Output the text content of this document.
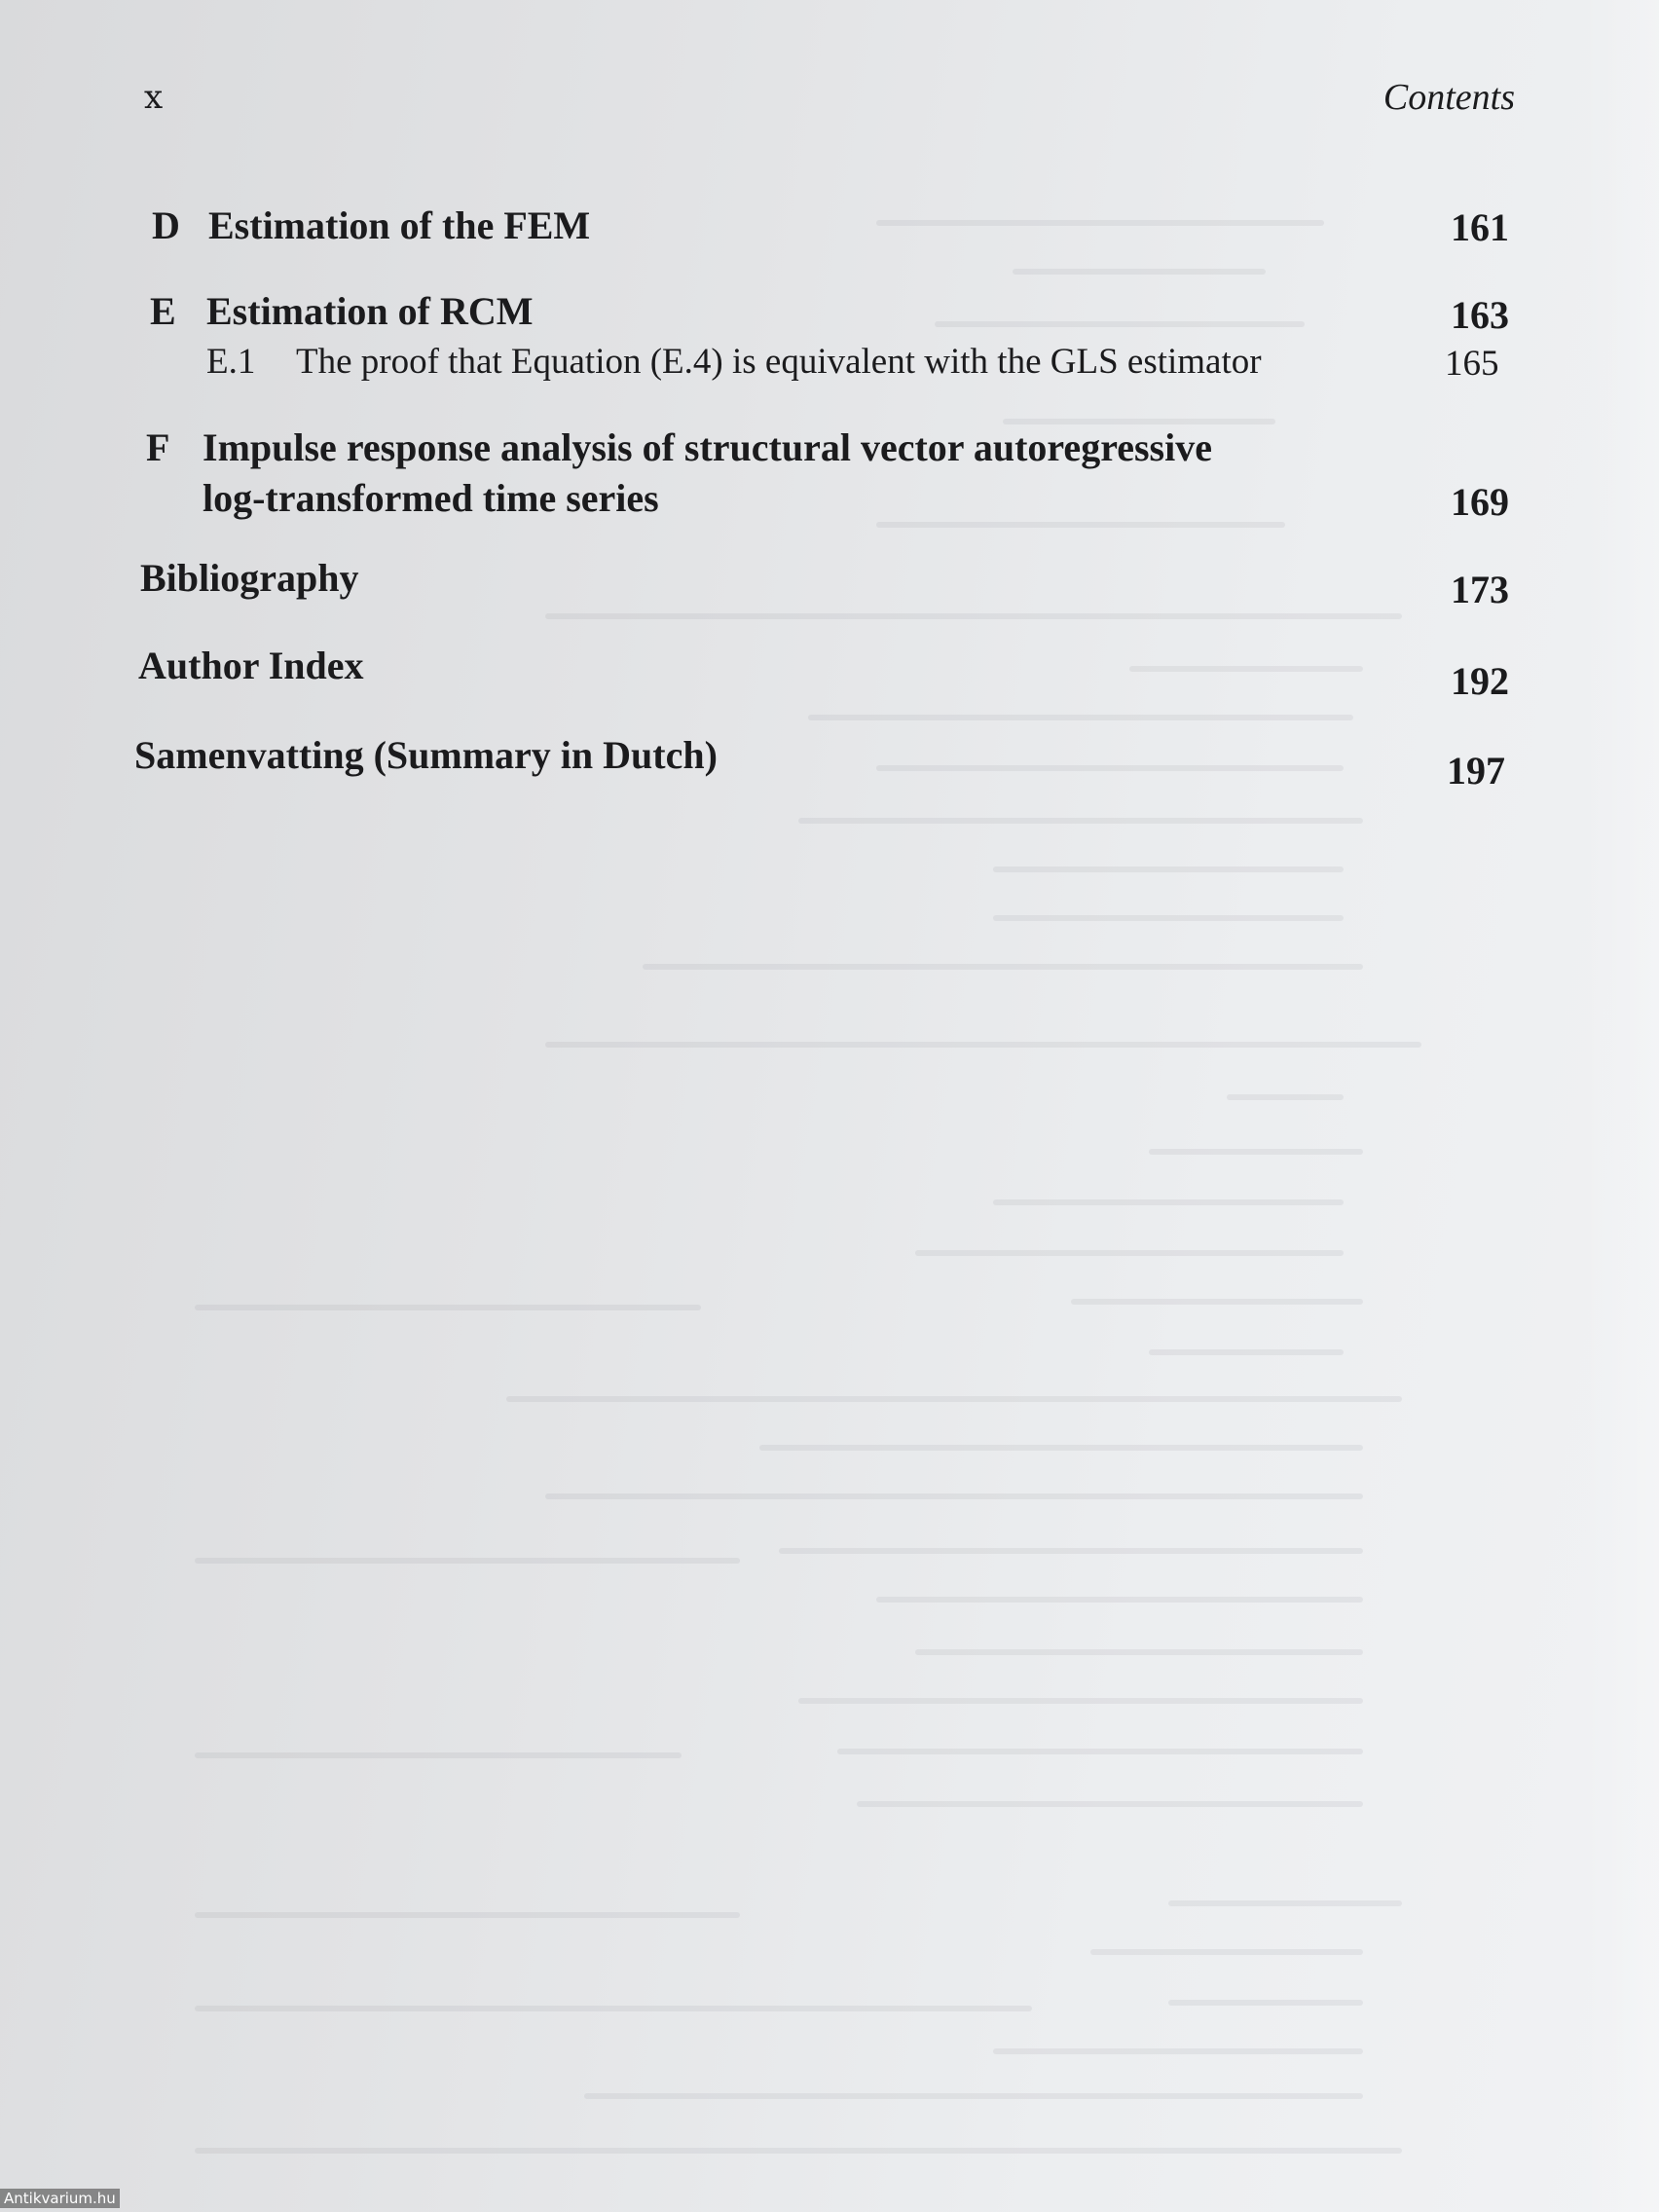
x	Contents
D Estimation of the FEM	161
E Estimation of RCM	163
E.1 The proof that Equation (E.4) is equivalent with the GLS estimator	165
F Impulse response analysis of structural vector autoregressive
log-transformed time series	169
Bibliography	173
Author Index	192
Samenvatting (Summary in Dutch)	197
Antikvarium.hu
